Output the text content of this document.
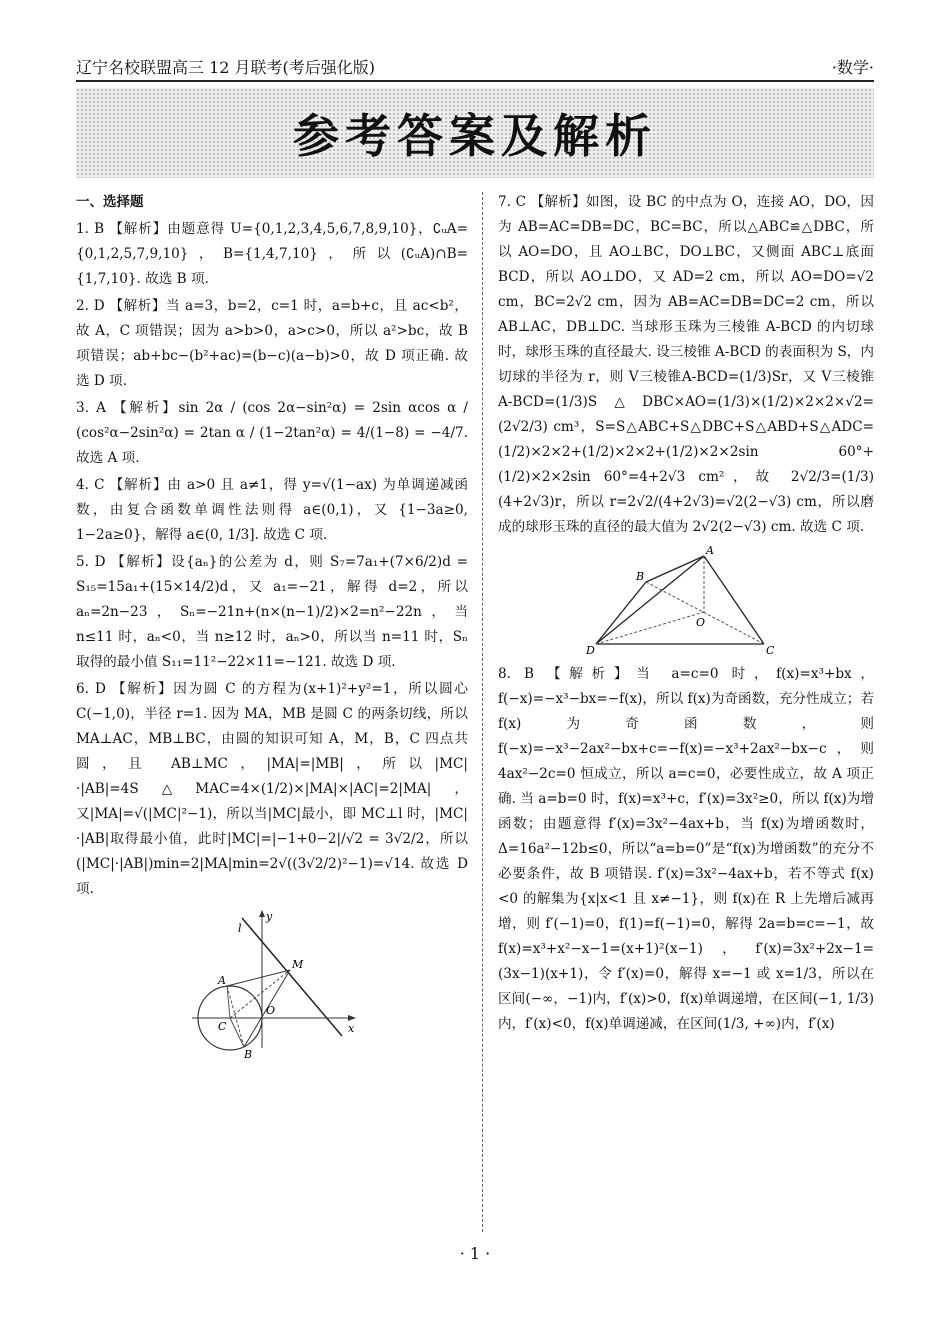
辽宁名校联盟高三 12 月联考(考后强化版)	·数学·
参考答案及解析
一、选择题

1. B 【解析】由题意得 U={0,1,2,3,4,5,6,7,8,9,10}，∁ᵤA={0,1,2,5,7,9,10}，B={1,4,7,10}，所以(∁ᵤA)∩B={1,7,10}. 故选 B 项.

2. D 【解析】当 a=3，b=2，c=1 时，a=b+c，且 ac<b²，故 A，C 项错误；因为 a>b>0，a>c>0，所以 a²>bc，故 B 项错误；ab+bc−(b²+ac)=(b−c)(a−b)>0，故 D 项正确. 故选 D 项.

3. A 【解析】sin 2α / (cos 2α−sin²α) = 2sin αcos α / (cos²α−2sin²α) = 2tan α / (1−2tan²α) = 4/(1−8) = −4/7. 故选 A 项.

4. C 【解析】由 a>0 且 a≠1，得 y=√(1−ax) 为单调递减函数，由复合函数单调性法则得 a∈(0,1)，又 {1−3a≥0, 1−2a≥0}，解得 a∈(0, 1/3]. 故选 C 项.

5. D 【解析】设{aₙ}的公差为 d，则 S₇=7a₁+(7×6/2)d = S₁₅=15a₁+(15×14/2)d，又 a₁=−21，解得 d=2，所以 aₙ=2n−23，Sₙ=−21n+(n×(n−1)/2)×2=n²−22n，当 n≤11 时，aₙ<0，当 n≥12 时，aₙ>0，所以当 n=11 时，Sₙ 取得的最小值 S₁₁=11²−22×11=−121. 故选 D 项.

6. D 【解析】因为圆 C 的方程为(x+1)²+y²=1，所以圆心 C(−1,0)，半径 r=1. 因为 MA，MB 是圆 C 的两条切线，所以 MA⊥AC，MB⊥BC，由圆的知识可知 A，M，B，C 四点共圆，且 AB⊥MC，|MA|=|MB|，所以|MC|·|AB|=4S△MAC=4×(1/2)×|MA|×|AC|=2|MA|，又|MA|=√(|MC|²−1)，所以当|MC|最小，即 MC⊥l 时，|MC|·|AB|取得最小值，此时|MC|=|−1+0−2|/√2 = 3√2/2，所以(|MC|·|AB|)min=2|MA|min=2√((3√2/2)²−1)=√14. 故选 D 项.

l
y
M
A
C
O
B
x

7. C 【解析】如图，设 BC 的中点为 O，连接 AO，DO，因为 AB=AC=DB=DC，BC=BC，所以△ABC≌△DBC，所以 AO=DO，且 AO⊥BC，DO⊥BC，又侧面 ABC⊥底面 BCD，所以 AO⊥DO，又 AD=2 cm，所以 AO=DO=√2 cm，BC=2√2 cm，因为 AB=AC=DB=DC=2 cm，所以 AB⊥AC，DB⊥DC. 当球形玉珠为三棱锥 A-BCD 的内切球时，球形玉珠的直径最大. 设三棱锥 A-BCD 的表面积为 S，内切球的半径为 r，则 V三棱锥A-BCD=(1/3)Sr，又 V三棱锥A-BCD=(1/3)S△DBC×AO=(1/3)×(1/2)×2×2×√2=(2√2/3) cm³，S=S△ABC+S△DBC+S△ABD+S△ADC=(1/2)×2×2+(1/2)×2×2+(1/2)×2×2sin 60°+(1/2)×2×2sin 60°=4+2√3 cm²，故 2√2/3=(1/3)(4+2√3)r，所以 r=2√2/(4+2√3)=√2(2−√3) cm，所以磨成的球形玉珠的直径的最大值为 2√2(2−√3) cm. 故选 C 项.

A
B
O
D	C

8. B 【解析】当 a=c=0 时，f(x)=x³+bx，f(−x)=−x³−bx=−f(x)，所以 f(x)为奇函数，充分性成立；若 f(x)为奇函数，则 f(−x)=−x³−2ax²−bx+c=−f(x)=−x³+2ax²−bx−c，则 4ax²−2c=0 恒成立，所以 a=c=0，必要性成立，故 A 项正确. 当 a=b=0 时，f(x)=x³+c，f′(x)=3x²≥0，所以 f(x)为增函数；由题意得 f′(x)=3x²−4ax+b，当 f(x)为增函数时，Δ=16a²−12b≤0，所以“a=b=0”是“f(x)为增函数”的充分不必要条件，故 B 项错误. f′(x)=3x²−4ax+b，若不等式 f(x)<0 的解集为{x|x<1 且 x≠−1}，则 f(x)在 R 上先增后减再增，则 f′(−1)=0，f(1)=f(−1)=0，解得 2a=b=c=−1，故 f(x)=x³+x²−x−1=(x+1)²(x−1)，f′(x)=3x²+2x−1=(3x−1)(x+1)，令 f′(x)=0，解得 x=−1 或 x=1/3，所以在区间(−∞，−1)内，f′(x)>0，f(x)单调递增，在区间(−1, 1/3)内，f′(x)<0，f(x)单调递减，在区间(1/3, +∞)内，f′(x)

· 1 ·
